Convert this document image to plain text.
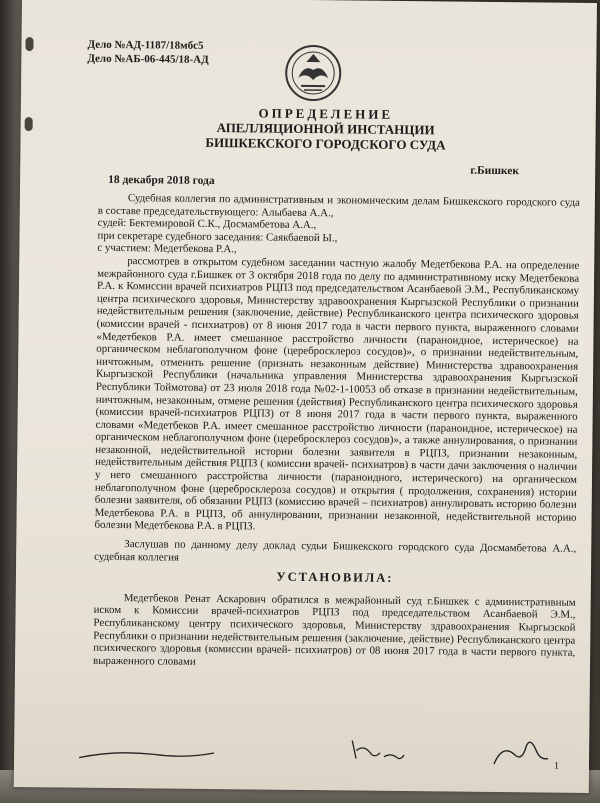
Дело №АД-1187/18мбс5
Дело №АБ-06-445/18-АД
ОПРЕДЕЛЕНИЕ
АПЕЛЛЯЦИОННОЙ ИНСТАНЦИИ
БИШКЕКСКОГО ГОРОДСКОГО СУДА
г.Бишкек
18 декабря 2018 года

Судебная коллегия по административным и экономическим делам Бишкекского городского суда в составе председательствующего: Алыбаева А.А.,

судей: Бектемировой С.К., Досмамбетова А.А.,

при секретаре судебного заседания: Саякбаевой Ы.,

с участием: Медетбекова Р.А.,

рассмотрев в открытом судебном заседании частную жалобу Медетбекова Р.А. на определение межрайонного суда г.Бишкек от 3 октября 2018 года по делу по административному иску Медетбекова Р.А. к Комиссии врачей психиатров РЦПЗ под председательством Асанбаевой Э.М., Республиканскому центра психического здоровья, Министерству здравоохранения Кыргызской Республики о признании недействительным решения (заключение, действие) Республиканского центра психического здоровья (комиссии врачей - психиатров) от 8 июня 2017 года в части первого пункта, выраженного словами «Медетбеков Р.А. имеет смешанное расстройство личности (параноидное, истерическое) на органическом неблагополучном фоне (церебросклероз сосудов)», о признании недействительным, ничтожным, отменить решение (признать незаконным действие) Министерства здравоохранения Кыргызской Республики (начальника управления Министерства здравоохранения Кыргызской Республики Тоймотова) от 23 июля 2018 года №02-1-10053 об отказе в признании недействительным, ничтожным, незаконным, отмене решения (действия) Республиканского центра психического здоровья (комиссии врачей-психиатров РЦПЗ) от 8 июня 2017 года в части первого пункта, выраженного словами «Медетбеков Р.А. имеет смешанное расстройство личности (параноидное, истерическое) на органическом неблагополучном фоне (церебросклероз сосудов)», а также аннулирования, о признании незаконной, недействительной истории болезни заявителя в РЦПЗ, признании незаконным, недействительным действия РЦПЗ ( комиссии врачей- психиатров) в части дачи заключения о наличии у него смешанного расстройства личности (параноидного, истерического) на органическом неблагополучном фоне (церебросклероза сосудов) и открытия ( продолжения, сохранения) истории болезни заявителя, об обязании РЦПЗ (комиссию врачей – психиатров) аннулировать историю болезни Медетбекова Р.А. в РЦПЗ, об аннулировании, признании незаконной, недействительной историю болезни Медетбекова Р.А. в РЦПЗ.

Заслушав по данному делу доклад судьи Бишкекского городского суда Досмамбетова А.А., судебная коллегия

УСТАНОВИЛА:

Медетбеков Ренат Аскарович обратился в межрайонный суд г.Бишкек с административным иском к Комиссии врачей-психиатров РЦПЗ под председательством Асанбаевой Э.М., Республиканскому центру психического здоровья, Министерству здравоохранения Кыргызской Республики о признании недействительным решения (заключение, действие) Республиканского центра психического здоровья (комиссии врачей- психиатров) от 08 июня 2017 года в части первого пункта, выраженного словами

1
